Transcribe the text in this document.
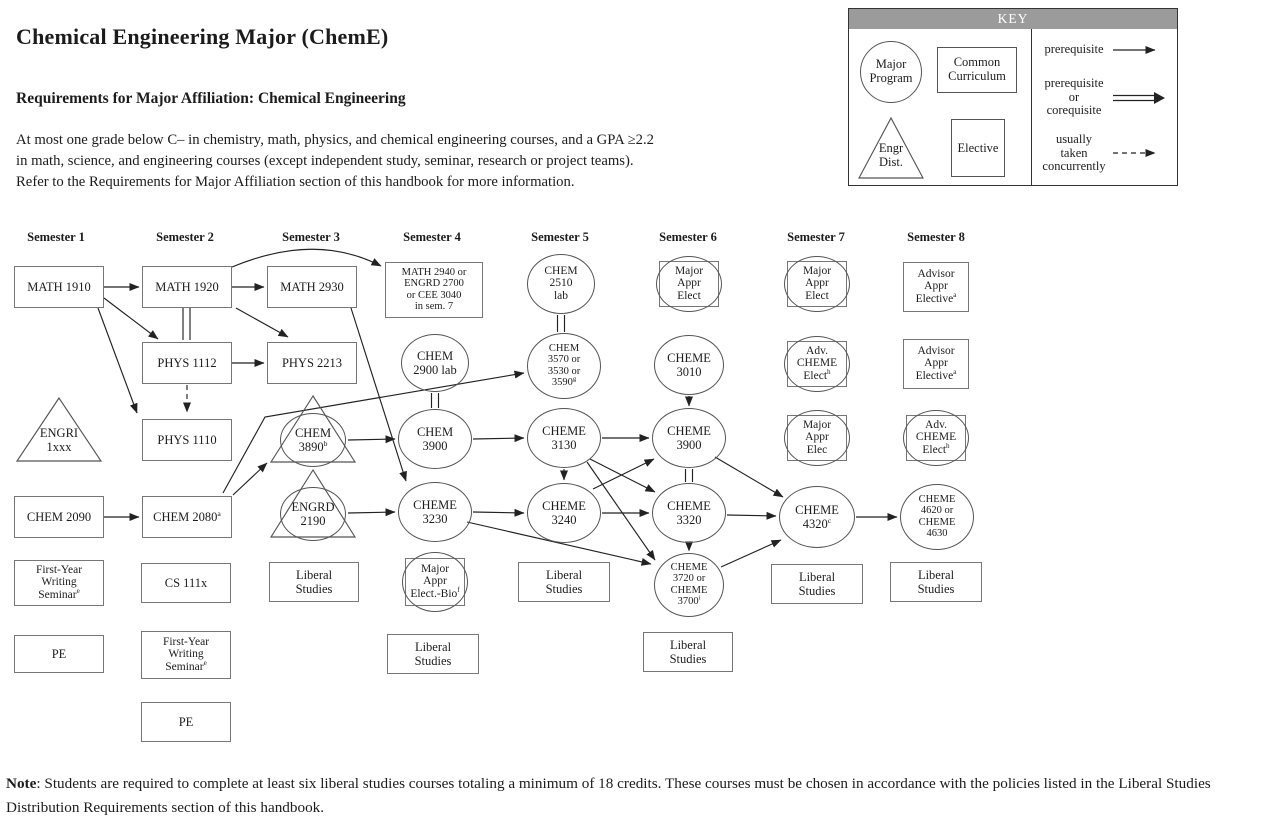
Chemical Engineering Major (ChemE)
Requirements for Major Affiliation: Chemical Engineering
At most one grade below C– in chemistry, math, physics, and chemical engineering courses, and a GPA ≥2.2
in math, science, and engineering courses (except independent study, seminar, research or project teams).
Refer to the Requirements for Major Affiliation section of this handbook for more information.
MATH 1910	MATH 1920	MATH 2930
MATH 2940 or
ENGRD 2700
or CEE 3040
in sem. 7
PHYS 1112	PHYS 2213
PHYS 1110
ENGRI
1xxx
CHEM 2090	CHEM 2080$^a$
First-Year
Writing
Seminar$^e$
PE
CS 111x
First-Year
Writing
Seminar$^e$
PE
CHEM
3890$^b$
ENGRD
2190
Liberal
Studies
CHEM
2900 lab
CHEM
3900
CHEME
3230
Major
Appr
Elect.-Bio$^f$
Liberal
Studies
CHEM
2510
lab
CHEM
3570 or
3530 or
3590$^g$
CHEME
3130
CHEME
3240
Liberal
Studies
Major
Appr
Elect
CHEME
3010
CHEME
3900
CHEME
3320
CHEME
3720 or
CHEME
3700$^i$
Liberal
Studies
Major
Appr
Elect
Adv.
CHEME
Elect$^h$
Major
Appr
Elec
CHEME
4320$^c$
Liberal
Studies
Advisor
Appr
Elective$^a$
Advisor
Appr
Elective$^a$
Adv.
CHEME
Elect$^h$
CHEME
4620 or
CHEME
4630
Liberal
Studies
Semester 1	Semester 2	Semester 3	Semester 4	Semester 5	Semester 6	Semester 7	Semester 8
KEY
Major
Program
Common
Curriculum
Engr
Dist.
Elective
prerequisite
prerequisite
or
corequisite
usually
taken
concurrently
Note: Students are required to complete at least six liberal studies courses totaling a minimum of 18 credits. These courses must be chosen in accordance with the policies listed in the Liberal Studies Distribution Requirements section of this handbook.
